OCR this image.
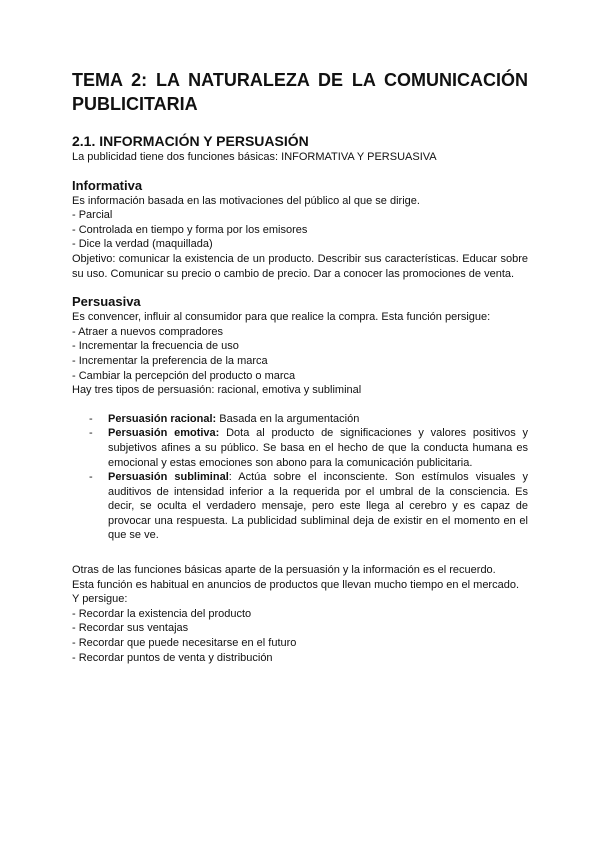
TEMA 2: LA NATURALEZA DE LA COMUNICACIÓN PUBLICITARIA
2.1. INFORMACIÓN Y PERSUASIÓN

La publicidad tiene dos funciones básicas: INFORMATIVA Y PERSUASIVA

Informativa

Es información basada en las motivaciones del público al que se dirige.

- Parcial

- Controlada en tiempo y forma por los emisores

- Dice la verdad (maquillada)

Objetivo: comunicar la existencia de un producto. Describir sus características. Educar sobre su uso. Comunicar su precio o cambio de precio. Dar a conocer las promociones de venta.

Persuasiva

Es convencer, influir al consumidor para que realice la compra. Esta función persigue:

- Atraer a nuevos compradores

- Incrementar la frecuencia de uso

- Incrementar la preferencia de la marca

- Cambiar la percepción del producto o marca

Hay tres tipos de persuasión: racional, emotiva y subliminal

- Persuasión racional: Basada en la argumentación
- Persuasión emotiva: Dota al producto de significaciones y valores positivos y subjetivos afines a su público. Se basa en el hecho de que la conducta humana es emocional y estas emociones son abono para la comunicación publicitaria.
- Persuasión subliminal: Actúa sobre el inconsciente. Son estímulos visuales y auditivos de intensidad inferior a la requerida por el umbral de la consciencia. Es decir, se oculta el verdadero mensaje, pero este llega al cerebro y es capaz de provocar una respuesta. La publicidad subliminal deja de existir en el momento en el que se ve.

Otras de las funciones básicas aparte de la persuasión y la información es el recuerdo.

Esta función es habitual en anuncios de productos que llevan mucho tiempo en el mercado.

Y persigue:

- Recordar la existencia del producto

- Recordar sus ventajas

- Recordar que puede necesitarse en el futuro

- Recordar puntos de venta y distribución
